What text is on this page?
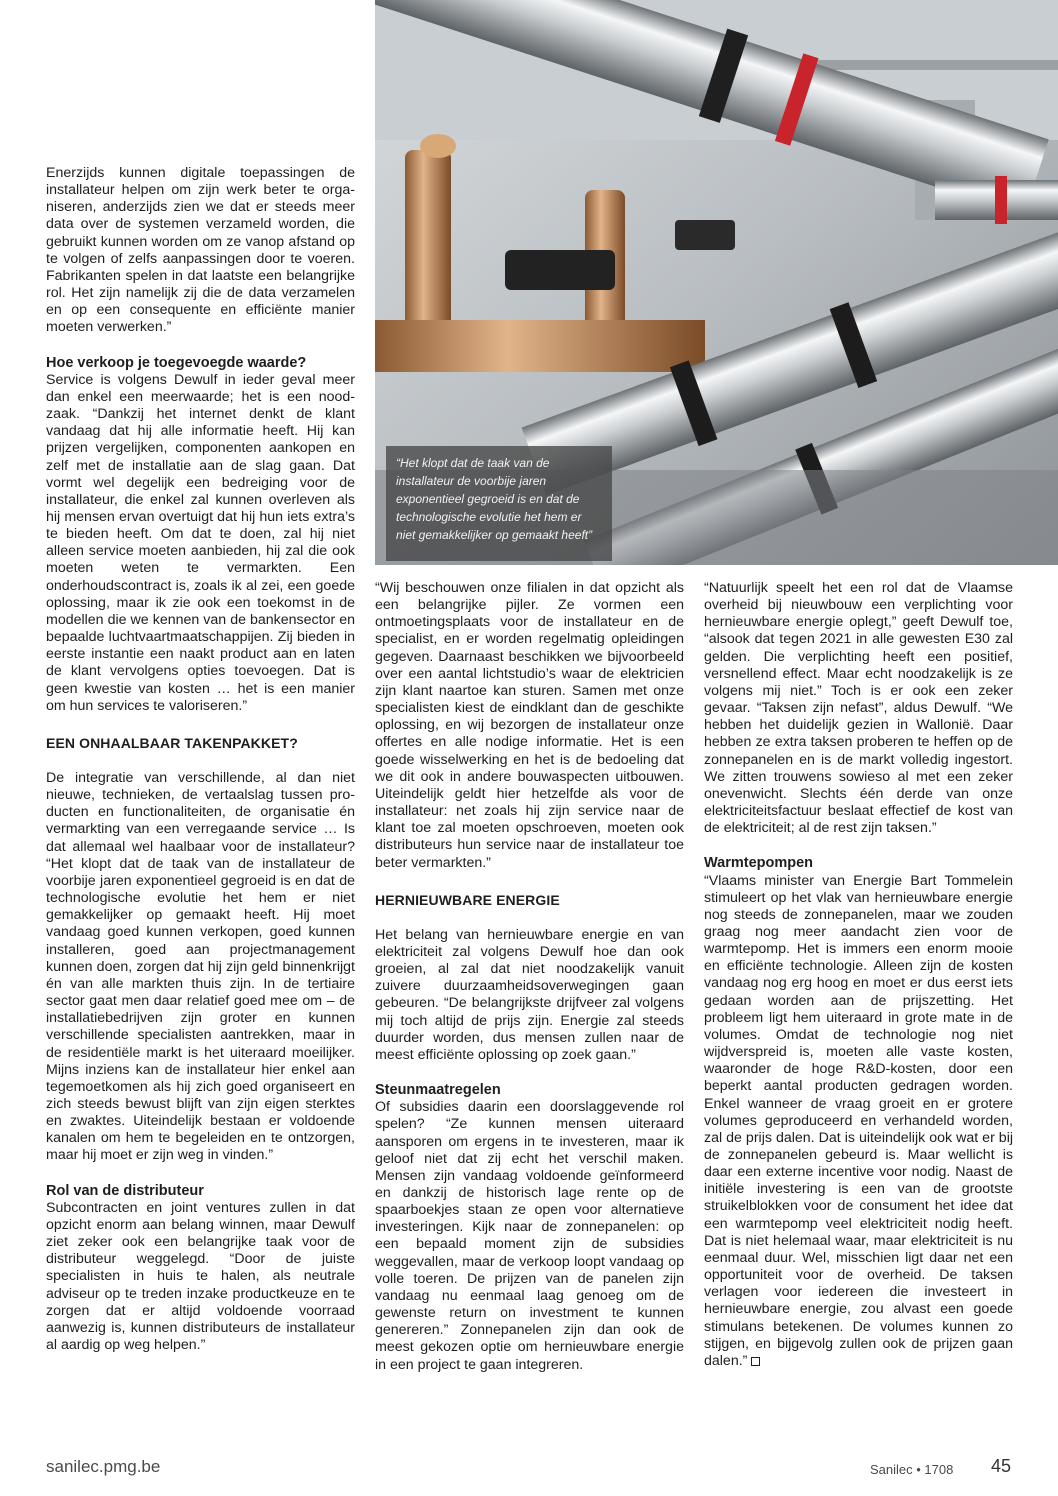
“Het klopt dat de taak van de installateur de voorbije jaren exponentieel gegroeid is en dat de technologische evolutie het hem er niet gemakkelijker op gemaakt heeft”

Enerzijds kunnen digitale toepassingen de installateur helpen om zijn werk beter te organiseren, anderzijds zien we dat er steeds meer data over de systemen verzameld worden, die gebruikt kunnen worden om ze vanop afstand op te volgen of zelfs aanpassingen door te voeren. Fabrikanten spelen in dat laatste een belangrijke rol. Het zijn namelijk zij die de data verzamelen en op een consequente en efficiënte manier moeten verwerken.”

Hoe verkoop je toegevoegde waarde?

Service is volgens Dewulf in ieder geval meer dan enkel een meerwaarde; het is een noodzaak. “Dankzij het internet denkt de klant vandaag dat hij alle informatie heeft. Hij kan prijzen vergelijken, componenten aankopen en zelf met de installatie aan de slag gaan. Dat vormt wel degelijk een bedreiging voor de installateur, die enkel zal kunnen overleven als hij mensen ervan overtuigt dat hij hun iets extra’s te bieden heeft. Om dat te doen, zal hij niet alleen service moeten aanbieden, hij zal die ook moeten weten te vermarkten. Een onderhoudscontract is, zoals ik al zei, een goede oplossing, maar ik zie ook een toekomst in de modellen die we kennen van de bankensector en bepaalde luchtvaartmaatschappijen. Zij bieden in eerste instantie een naakt product aan en laten de klant vervolgens opties toevoegen. Dat is geen kwestie van kosten … het is een manier om hun services te valoriseren.”

EEN ONHAALBAAR TAKENPAKKET?

De integratie van verschillende, al dan niet nieuwe, technieken, de vertaalslag tussen producten en functionaliteiten, de organisatie én vermarkting van een verregaande service … Is dat allemaal wel haalbaar voor de installateur? “Het klopt dat de taak van de installateur de voorbije jaren exponentieel gegroeid is en dat de technologische evolutie het hem er niet gemakkelijker op gemaakt heeft. Hij moet vandaag goed kunnen verkopen, goed kunnen installeren, goed aan projectmanagement kunnen doen, zorgen dat hij zijn geld binnenkrijgt én van alle markten thuis zijn. In de tertiaire sector gaat men daar relatief goed mee om – de installatiebedrijven zijn groter en kunnen verschillende specialisten aantrekken, maar in de residentiële markt is het uiteraard moeilijker. Mijns inziens kan de installateur hier enkel aan tegemoetkomen als hij zich goed organiseert en zich steeds bewust blijft van zijn eigen sterktes en zwaktes. Uiteindelijk bestaan er voldoende kanalen om hem te begeleiden en te ontzorgen, maar hij moet er zijn weg in vinden.”

Rol van de distributeur

Subcontracten en joint ventures zullen in dat opzicht enorm aan belang winnen, maar Dewulf ziet zeker ook een belangrijke taak voor de distributeur weggelegd. “Door de juiste specialisten in huis te halen, als neutrale adviseur op te treden inzake productkeuze en te zorgen dat er altijd voldoende voorraad aanwezig is, kunnen distributeurs de installateur al aardig op weg helpen.”

“Wij beschouwen onze filialen in dat opzicht als een belangrijke pijler. Ze vormen een ontmoetingsplaats voor de installateur en de specialist, en er worden regelmatig opleidingen gegeven. Daarnaast beschikken we bijvoorbeeld over een aantal lichtstudio’s waar de elektricien zijn klant naartoe kan sturen. Samen met onze specialisten kiest de eindklant dan de geschikte oplossing, en wij bezorgen de installateur onze offertes en alle nodige informatie. Het is een goede wisselwerking en het is de bedoeling dat we dit ook in andere bouwaspecten uitbouwen. Uiteindelijk geldt hier hetzelfde als voor de installateur: net zoals hij zijn service naar de klant toe zal moeten opschroeven, moeten ook distributeurs hun service naar de installateur toe beter vermarkten.”

HERNIEUWBARE ENERGIE

Het belang van hernieuwbare energie en van elektriciteit zal volgens Dewulf hoe dan ook groeien, al zal dat niet noodzakelijk vanuit zuivere duurzaamheidsoverwegingen gaan gebeuren. “De belangrijkste drijfveer zal volgens mij toch altijd de prijs zijn. Energie zal steeds duurder worden, dus mensen zullen naar de meest efficiënte oplossing op zoek gaan.”

Steunmaatregelen

Of subsidies daarin een doorslaggevende rol spelen? “Ze kunnen mensen uiteraard aansporen om ergens in te investeren, maar ik geloof niet dat zij echt het verschil maken. Mensen zijn vandaag voldoende geïnformeerd en dankzij de historisch lage rente op de spaarboekjes staan ze open voor alternatieve investeringen. Kijk naar de zonnepanelen: op een bepaald moment zijn de subsidies weggevallen, maar de verkoop loopt vandaag op volle toeren. De prijzen van de panelen zijn vandaag nu eenmaal laag genoeg om de gewenste return on investment te kunnen genereren.” Zonnepanelen zijn dan ook de meest gekozen optie om hernieuwbare energie in een project te gaan integreren.

“Natuurlijk speelt het een rol dat de Vlaamse overheid bij nieuwbouw een verplichting voor hernieuwbare energie oplegt,” geeft Dewulf toe, “alsook dat tegen 2021 in alle gewesten E30 zal gelden. Die verplichting heeft een positief, versnellend effect. Maar echt noodzakelijk is ze volgens mij niet.” Toch is er ook een zeker gevaar. “Taksen zijn nefast”, aldus Dewulf. “We hebben het duidelijk gezien in Wallonië. Daar hebben ze extra taksen proberen te heffen op de zonnepanelen en is de markt volledig ingestort. We zitten trouwens sowieso al met een zeker onevenwicht. Slechts één derde van onze elektriciteitsfactuur beslaat effectief de kost van de elektriciteit; al de rest zijn taksen.”

Warmtepompen

“Vlaams minister van Energie Bart Tommelein stimuleert op het vlak van hernieuwbare energie nog steeds de zonnepanelen, maar we zouden graag nog meer aandacht zien voor de warmtepomp. Het is immers een enorm mooie en efficiënte technologie. Alleen zijn de kosten vandaag nog erg hoog en moet er dus eerst iets gedaan worden aan de prijszetting. Het probleem ligt hem uiteraard in grote mate in de volumes. Omdat de technologie nog niet wijdverspreid is, moeten alle vaste kosten, waaronder de hoge R&D-kosten, door een beperkt aantal producten gedragen worden. Enkel wanneer de vraag groeit en er grotere volumes geproduceerd en verhandeld worden, zal de prijs dalen. Dat is uiteindelijk ook wat er bij de zonnepanelen gebeurd is. Maar wellicht is daar een externe incentive voor nodig. Naast de initiële investering is een van de grootste struikelblokken voor de consument het idee dat een warmtepomp veel elektriciteit nodig heeft. Dat is niet helemaal waar, maar elektriciteit is nu eenmaal duur. Wel, misschien ligt daar net een opportuniteit voor de overheid. De taksen verlagen voor iedereen die investeert in hernieuwbare energie, zou alvast een goede stimulans betekenen. De volumes kunnen zo stijgen, en bijgevolg zullen ook de prijzen gaan dalen.”

sanilec.pmg.be	Sanilec • 1708 45
